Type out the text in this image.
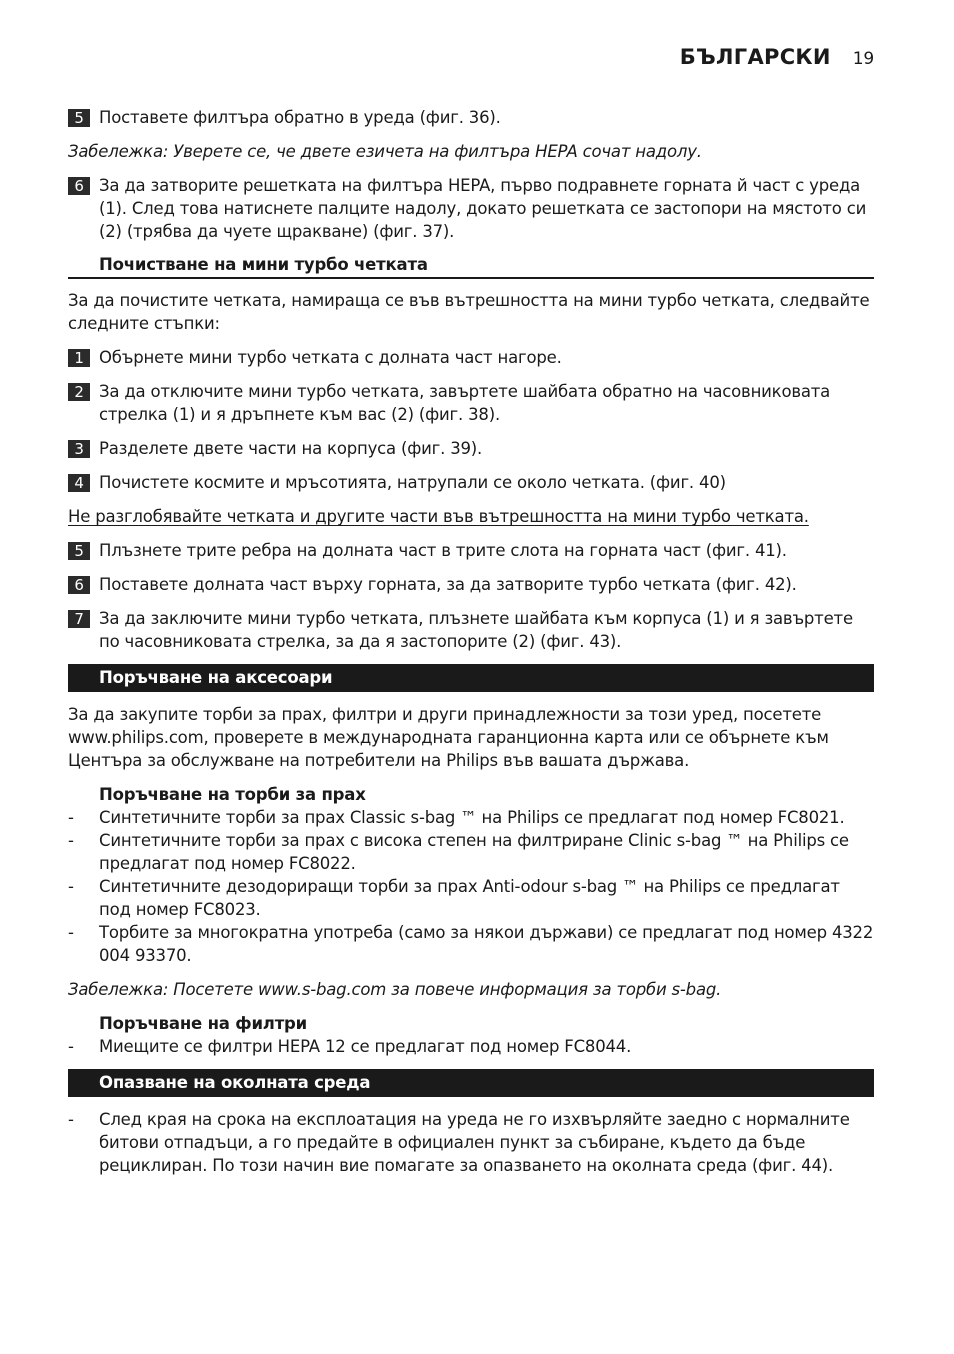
БЪЛГАРСКИ 19
5 Поставете филтъра обратно в уреда (фиг. 36).
Забележка: Уверете се, че двете езичета на филтъра HEPA сочат надолу.
6 За да затворите решетката на филтъра HEPA, първо подравнете горната й част с уреда (1). След това натиснете палците надолу, докато решетката се застопори на мястото си (2) (трябва да чуете щракване) (фиг. 37).
Почистване на мини турбо четката
За да почистите четката, намираща се във вътрешността на мини турбо четката, следвайте следните стъпки:
1 Обърнете мини турбо четката с долната част нагоре.
2 За да отключите мини турбо четката, завъртете шайбата обратно на часовниковата стрелка (1) и я дръпнете към вас (2) (фиг. 38).
3 Разделете двете части на корпуса (фиг. 39).
4 Почистете космите и мръсотията, натрупали се около четката. (фиг. 40)
Не разглобявайте четката и другите части във вътрешността на мини турбо четката.
5 Плъзнете трите ребра на долната част в трите слота на горната част (фиг. 41).
6 Поставете долната част върху горната, за да затворите турбо четката (фиг. 42).
7 За да заключите мини турбо четката, плъзнете шайбата към корпуса (1) и я завъртете по часовниковата стрелка, за да я застопорите (2) (фиг. 43).
Поръчване на аксесоари
За да закупите торби за прах, филтри и други принадлежности за този уред, посетете www.philips.com, проверете в международната гаранционна карта или се обърнете към Центъра за обслужване на потребители на Philips във вашата държава.
Поръчване на торби за прах
- Синтетичните торби за прах Classic s-bag ™ на Philips се предлагат под номер FC8021.
- Синтетичните торби за прах с висока степен на филтриране Clinic s-bag ™ на Philips се предлагат под номер FC8022.
- Синтетичните дезодориращи торби за прах Anti-odour s-bag ™ на Philips се предлагат под номер FC8023.
- Торбите за многократна употреба (само за някои държави) се предлагат под номер 4322 004 93370.
Забележка: Посетете www.s-bag.com за повече информация за торби s-bag.
Поръчване на филтри
- Миещите се филтри HEPA 12 се предлагат под номер FC8044.
Опазване на околната среда
- След края на срока на експлоатация на уреда не го изхвърляйте заедно с нормалните битови отпадъци, а го предайте в официален пункт за събиране, където да бъде рециклиран. По този начин вие помагате за опазването на околната среда (фиг. 44).
